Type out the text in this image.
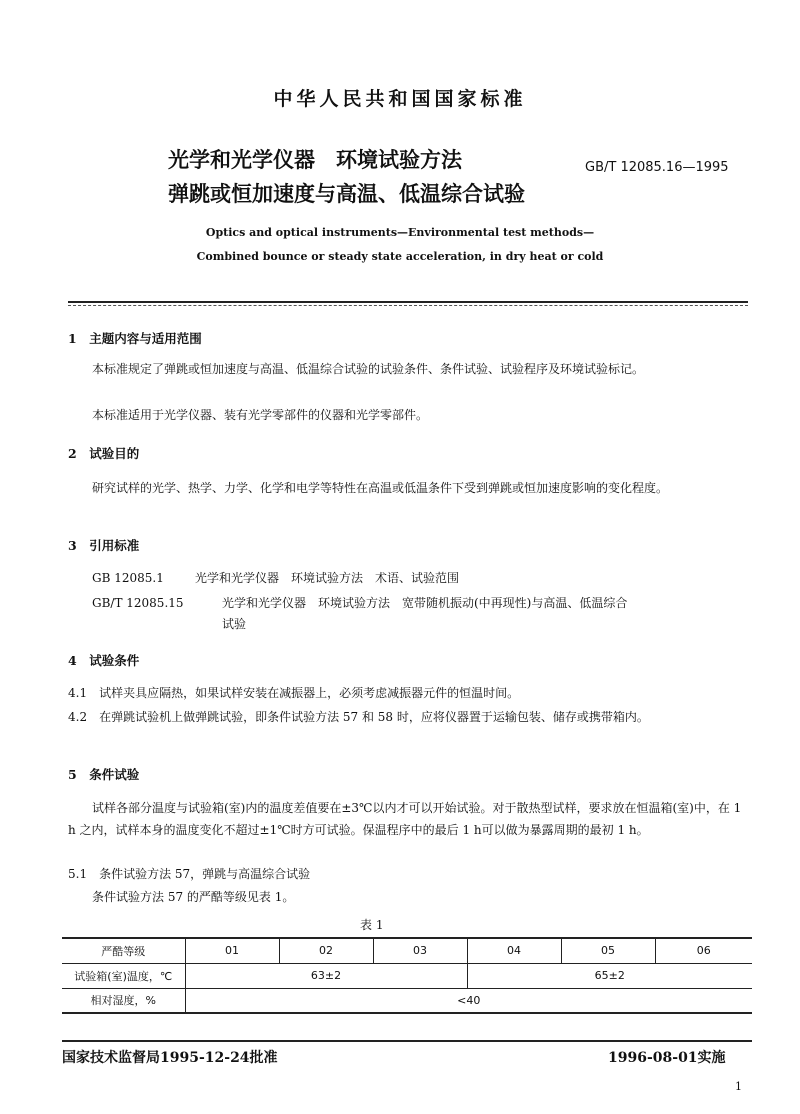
中华人民共和国国家标准
光学和光学仪器　环境试验方法
弹跳或恒加速度与高温、低温综合试验
GB/T 12085.16—1995
Optics and optical instruments—Environmental test methods—
Combined bounce or steady state acceleration, in dry heat or cold
1　主题内容与适用范围
本标准规定了弹跳或恒加速度与高温、低温综合试验的试验条件、条件试验、试验程序及环境试验标记。
本标准适用于光学仪器、装有光学零部件的仪器和光学零部件。
2　试验目的
研究试样的光学、热学、力学、化学和电学等特性在高温或低温条件下受到弹跳或恒加速度影响的变化程度。
3　引用标准
GB 12085.1	光学和光学仪器　环境试验方法　术语、试验范围
GB/T 12085.15	光学和光学仪器　环境试验方法　宽带随机振动(中再现性)与高温、低温综合
试验
4　试验条件
4.1　试样夹具应隔热，如果试样安装在减振器上，必须考虑减振器元件的恒温时间。
4.2　在弹跳试验机上做弹跳试验，即条件试验方法 57 和 58 时，应将仪器置于运输包装、储存或携带箱内。
5　条件试验
试样各部分温度与试验箱(室)内的温度差值要在±3℃以内才可以开始试验。对于散热型试样，要求放在恒温箱(室)中，在 1 h 之内，试样本身的温度变化不超过±1℃时方可试验。保温程序中的最后 1 h可以做为暴露周期的最初 1 h。
5.1　条件试验方法 57，弹跳与高温综合试验
条件试验方法 57 的严酷等级见表 1。
表 1
严酷等级	01	02	03	04	05	06
试验箱(室)温度，℃	63±2			65±2		
相对湿度，%	<40					
国家技术监督局1995-12-24批准	1996-08-01实施
1
